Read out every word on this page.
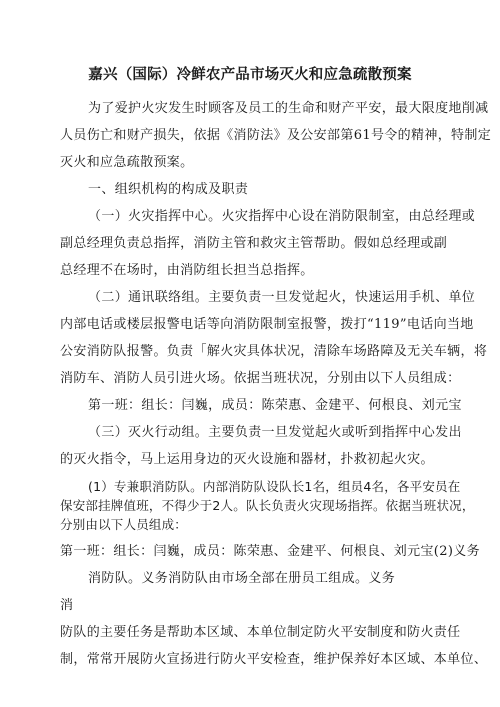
嘉兴（国际）冷鲜农产品市场灭火和应急疏散预案
为了爱护火灾发生时顾客及员工的生命和财产平安，最大限度地削减
人员伤亡和财产损失，依据《消防法》及公安部第61号令的精神，特制定
灭火和应急疏散预案。
一、组织机构的构成及职责
（一）火灾指挥中心。火灾指挥中心设在消防限制室，由总经理或
副总经理负责总指挥，消防主管和救灾主管帮助。假如总经理或副
总经理不在场时，由消防组长担当总指挥。
（二）通讯联络组。主要负责一旦发觉起火，快速运用手机、单位
内部电话或楼层报警电话等向消防限制室报警，拨打“119”电话向当地
公安消防队报警。负责「解火灾具体状况，清除车场路障及无关车辆，将
消防车、消防人员引进火场。依据当班状况，分别由以下人员组成：
第一班：组长：闫巍，成员：陈荣惠、金建平、何根良、刘元宝
（三）灭火行动组。主要负责一旦发觉起火或听到指挥中心发出
的灭火指令，马上运用身边的灭火设施和器材，扑救初起火灾。
(1）专兼职消防队。内部消防队设队长1名，组员4名，各平安员在
保安部挂牌值班，不得少于2人。队长负责火灾现场指挥。依据当班状况，
分别由以下人员组成：
第一班：组长：闫巍，成员：陈荣惠、金建平、何根良、刘元宝(2)义务
消防队。义务消防队由市场全部在册员工组成。义务
消
防队的主要任务是帮助本区域、本单位制定防火平安制度和防火责任
制，常常开展防火宣扬进行防火平安检查，维护保养好本区域、本单位、
